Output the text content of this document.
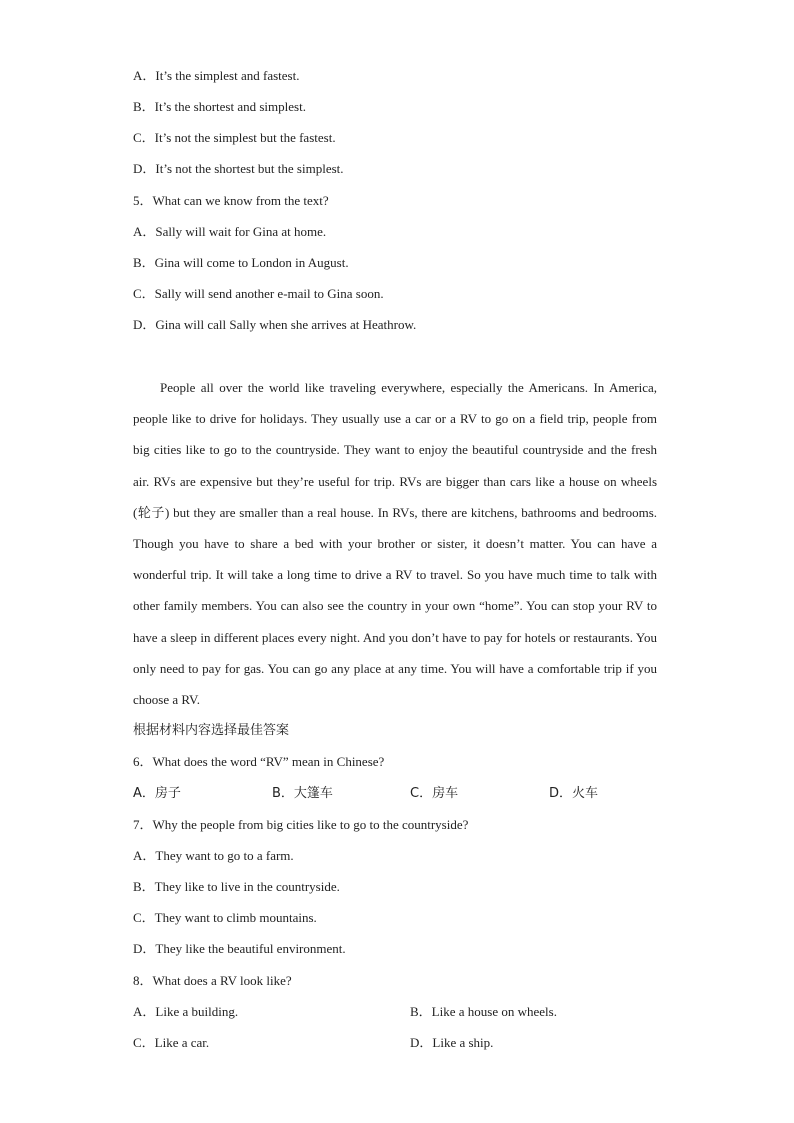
A．It’s the simplest and fastest.
B．It’s the shortest and simplest.
C．It’s not the simplest but the fastest.
D．It’s not the shortest but the simplest.
5．What can we know from the text?
A．Sally will wait for Gina at home.
B．Gina will come to London in August.
C．Sally will send another e-mail to Gina soon.
D．Gina will call Sally when she arrives at Heathrow.

People all over the world like traveling everywhere, especially the Americans. In America, people like to drive for holidays. They usually use a car or a RV to go on a field trip, people from big cities like to go to the countryside. They want to enjoy the beautiful countryside and the fresh air. RVs are expensive but they’re useful for trip. RVs are bigger than cars like a house on wheels (轮子) but they are smaller than a real house. In RVs, there are kitchens, bathrooms and bedrooms. Though you have to share a bed with your brother or sister, it doesn’t matter. You can have a wonderful trip. It will take a long time to drive a RV to travel. So you have much time to talk with other family members. You can also see the country in your own “home”. You can stop your RV to have a sleep in different places every night. And you don’t have to pay for hotels or restaurants. You only need to pay for gas. You can go any place at any time. You will have a comfortable trip if you choose a RV.

根据材料内容选择最佳答案
6．What does the word “RV” mean in Chinese?
A．房子	B．大篷车	C．房车	D．火车
7．Why the people from big cities like to go to the countryside?
A．They want to go to a farm.
B．They like to live in the countryside.
C．They want to climb mountains.
D．They like the beautiful environment.
8．What does a RV look like?
A．Like a building.	B．Like a house on wheels.
C．Like a car.	D．Like a ship.
